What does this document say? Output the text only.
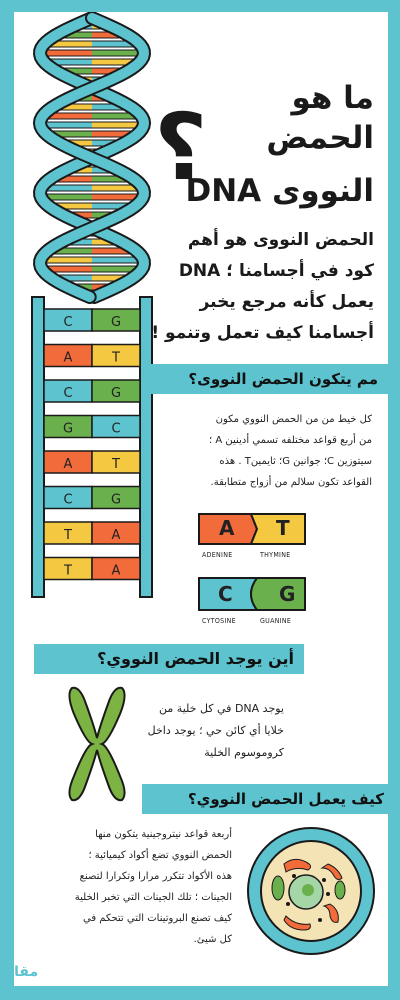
C	G
A	T
C	G
G	C
A	T
C	G
T	A
T	A
ما هو
الحمض
النووى DNA
؟
الحمض النووى هو أهم
كود في أجسامنا ؛ DNA
يعمل كأنه مرجع يخبر
أجسامنا كيف تعمل وتنمو !
مم يتكون الحمض النووى؟
كل خيط من من الحمض النووي مكون
من أربع قواعد مختلفه تسمي أدينين A ؛
سيتوزين C؛ جوانين G؛ ثايمينT . هذه
القواعد تكون سلالم من أزواج متطابقة.
A T
ADENINE	THYMINE
C G
CYTOSINE	GUANINE
أين يوجد الحمض النووي؟
يوجد DNA في كل خلية من
خلايا أي كائن حي ؛ يوجد داخل
كروموسوم الخلية
كيف يعمل الحمض النووي؟
أربعة قواعد نيتروجينية يتكون منها
الحمض النووي تضع أكواد كيميائية ؛
هذه الأكواد تتكرر مرارا وتكرارا لتصنع
الجينات ؛ تلك الجينات التي تخبر الخلية
كيف تصنع البروتينات التي تتحكم في
كل شيئ.
مقال
